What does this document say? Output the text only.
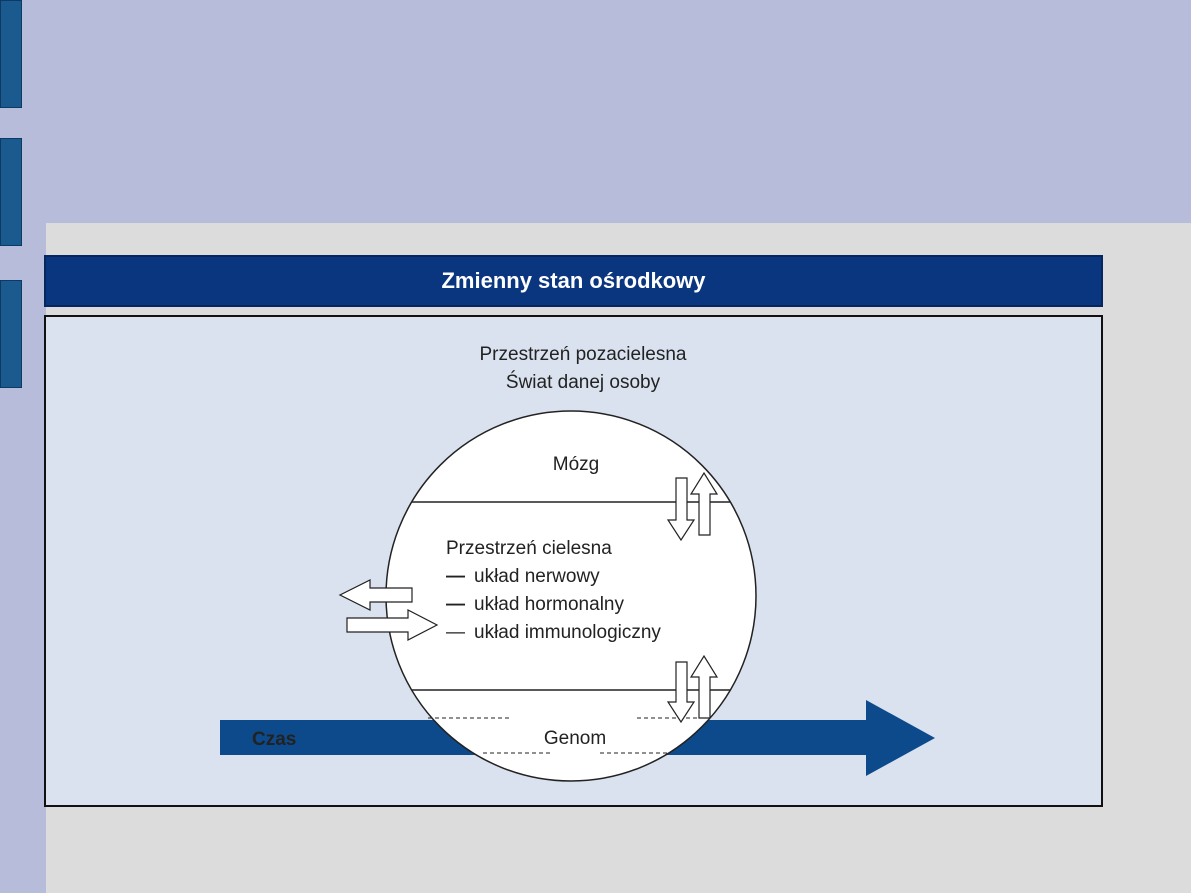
Zmienny stan ośrodkowy
Czas
Przestrzeń pozacielesna
Świat danej osoby
Mózg
Przestrzeń cielesna
— układ nerwowy
— układ hormonalny
— układ immunologiczny
Genom
